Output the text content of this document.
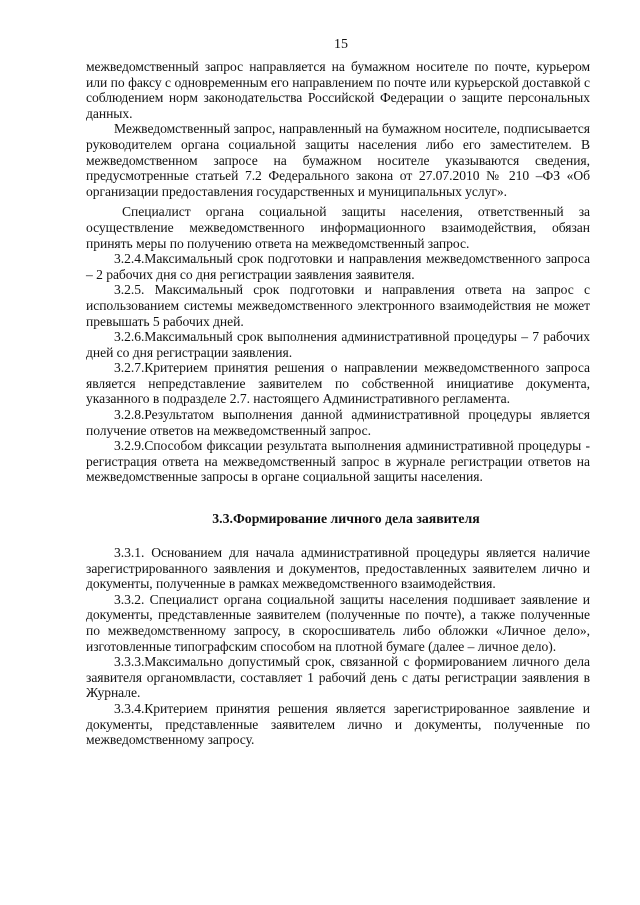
15

межведомственный запрос направляется на бумажном носителе по почте, курьером или по факсу с одновременным его направлением по почте или курьерской доставкой с соблюдением норм законодательства Российской Федерации о защите персональных данных.

Межведомственный запрос, направленный на бумажном носителе, подписывается руководителем органа социальной защиты населения либо его заместителем. В межведомственном запросе на бумажном носителе указываются сведения, предусмотренные статьей 7.2 Федерального закона от 27.07.2010 № 210 –ФЗ «Об организации предоставления государственных и муниципальных услуг».

Специалист органа социальной защиты населения, ответственный за осуществление межведомственного информационного взаимодействия, обязан принять меры по получению ответа на межведомственный запрос.

3.2.4.Максимальный срок подготовки и направления межведомственного запроса – 2 рабочих дня со дня регистрации заявления заявителя.

3.2.5. Максимальный срок подготовки и направления ответа на запрос с использованием системы межведомственного электронного взаимодействия не может превышать 5 рабочих дней.

3.2.6.Максимальный срок выполнения административной процедуры – 7 рабочих дней со дня регистрации заявления.

3.2.7.Критерием принятия решения о направлении межведомственного запроса является непредставление заявителем по собственной инициативе документа, указанного в подразделе 2.7. настоящего Административного регламента.

3.2.8.Результатом выполнения данной административной процедуры является получение ответов на межведомственный запрос.

3.2.9.Способом фиксации результата выполнения административной процедуры - регистрация ответа на межведомственный запрос в журнале регистрации ответов на межведомственные запросы в органе социальной защиты населения.

3.3.Формирование личного дела заявителя

3.3.1. Основанием для начала административной процедуры является наличие зарегистрированного заявления и документов, предоставленных заявителем лично и документы, полученные в рамках межведомственного взаимодействия.

3.3.2. Специалист органа социальной защиты населения подшивает заявление и документы, представленные заявителем (полученные по почте), а также полученные по межведомственному запросу, в скоросшиватель либо обложки «Личное дело», изготовленные типографским способом на плотной бумаге (далее – личное дело).

3.3.3.Максимально допустимый срок, связанной с формированием личного дела заявителя органомвласти, составляет 1 рабочий день с даты регистрации заявления в Журнале.

3.3.4.Критерием принятия решения является зарегистрированное заявление и документы, представленные заявителем лично и документы, полученные по межведомственному запросу.
